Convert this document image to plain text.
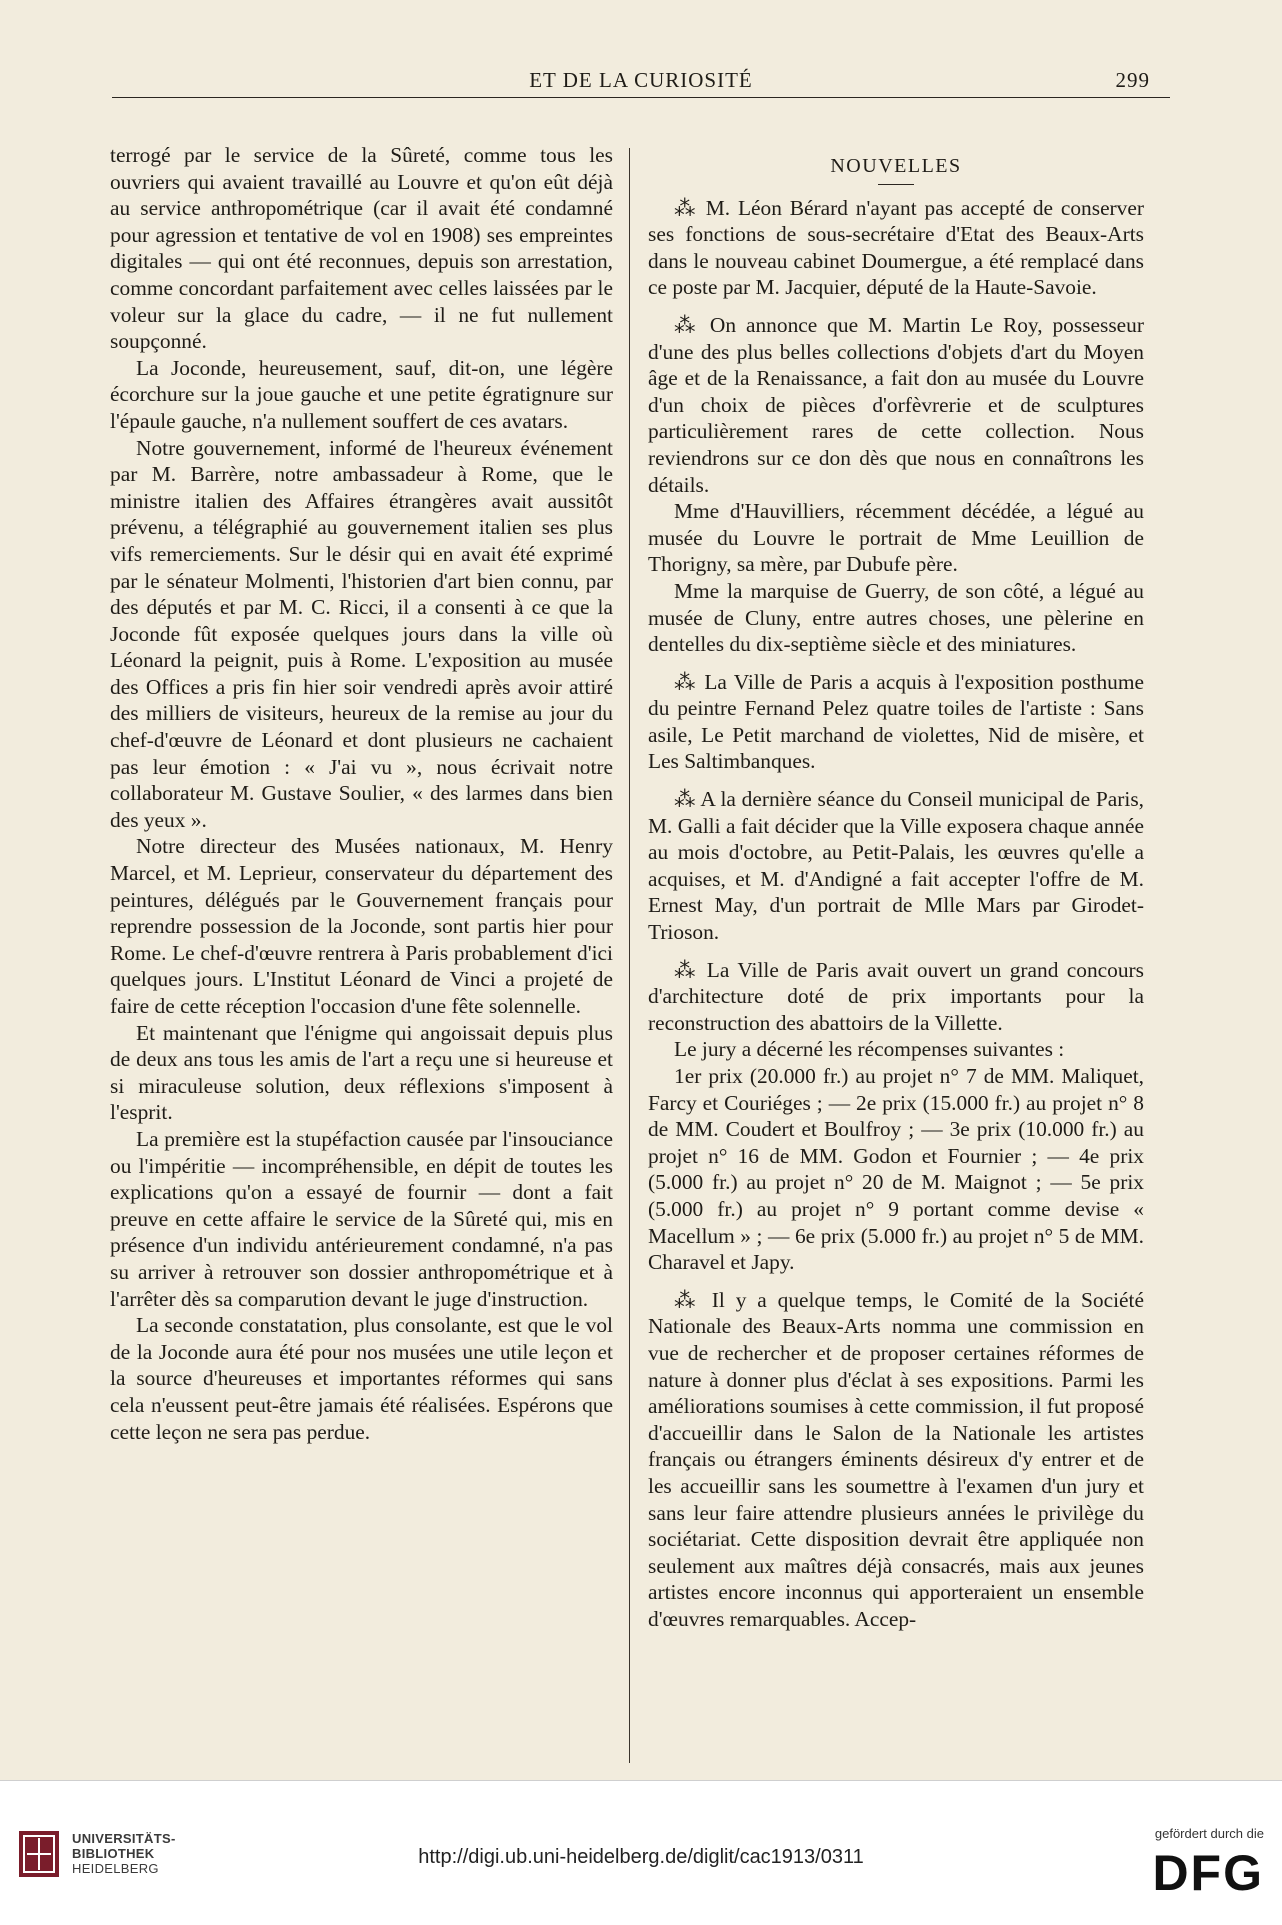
ET DE LA CURIOSITÉ	299

terrogé par le service de la Sûreté, comme tous les ouvriers qui avaient travaillé au Louvre et qu'on eût déjà au service anthropométrique (car il avait été condamné pour agression et tentative de vol en 1908) ses empreintes digitales — qui ont été reconnues, depuis son arrestation, comme concordant parfaitement avec celles laissées par le voleur sur la glace du cadre, — il ne fut nullement soupçonné.

La Joconde, heureusement, sauf, dit-on, une légère écorchure sur la joue gauche et une petite égratignure sur l'épaule gauche, n'a nullement souffert de ces avatars.

Notre gouvernement, informé de l'heureux événement par M. Barrère, notre ambassadeur à Rome, que le ministre italien des Affaires étrangères avait aussitôt prévenu, a télégraphié au gouvernement italien ses plus vifs remerciements. Sur le désir qui en avait été exprimé par le sénateur Molmenti, l'historien d'art bien connu, par des députés et par M. C. Ricci, il a consenti à ce que la Joconde fût exposée quelques jours dans la ville où Léonard la peignit, puis à Rome. L'exposition au musée des Offices a pris fin hier soir vendredi après avoir attiré des milliers de visiteurs, heureux de la remise au jour du chef-d'œuvre de Léonard et dont plusieurs ne cachaient pas leur émotion : « J'ai vu », nous écrivait notre collaborateur M. Gustave Soulier, « des larmes dans bien des yeux ».

Notre directeur des Musées nationaux, M. Henry Marcel, et M. Leprieur, conservateur du département des peintures, délégués par le Gouvernement français pour reprendre possession de la Joconde, sont partis hier pour Rome. Le chef-d'œuvre rentrera à Paris probablement d'ici quelques jours. L'Institut Léonard de Vinci a projeté de faire de cette réception l'occasion d'une fête solennelle.

Et maintenant que l'énigme qui angoissait depuis plus de deux ans tous les amis de l'art a reçu une si heureuse et si miraculeuse solution, deux réflexions s'imposent à l'esprit.

La première est la stupéfaction causée par l'insouciance ou l'impéritie — incompréhensible, en dépit de toutes les explications qu'on a essayé de fournir — dont a fait preuve en cette affaire le service de la Sûreté qui, mis en présence d'un individu antérieurement condamné, n'a pas su arriver à retrouver son dossier anthropométrique et à l'arrêter dès sa comparution devant le juge d'instruction.

La seconde constatation, plus consolante, est que le vol de la Joconde aura été pour nos musées une utile leçon et la source d'heureuses et importantes réformes qui sans cela n'eussent peut-être jamais été réalisées. Espérons que cette leçon ne sera pas perdue.

NOUVELLES

⁂ M. Léon Bérard n'ayant pas accepté de conserver ses fonctions de sous-secrétaire d'Etat des Beaux-Arts dans le nouveau cabinet Doumergue, a été remplacé dans ce poste par M. Jacquier, député de la Haute-Savoie.

⁂ On annonce que M. Martin Le Roy, possesseur d'une des plus belles collections d'objets d'art du Moyen âge et de la Renaissance, a fait don au musée du Louvre d'un choix de pièces d'orfèvrerie et de sculptures particulièrement rares de cette collection. Nous reviendrons sur ce don dès que nous en connaîtrons les détails.

Mme d'Hauvilliers, récemment décédée, a légué au musée du Louvre le portrait de Mme Leuillion de Thorigny, sa mère, par Dubufe père.

Mme la marquise de Guerry, de son côté, a légué au musée de Cluny, entre autres choses, une pèlerine en dentelles du dix-septième siècle et des miniatures.

⁂ La Ville de Paris a acquis à l'exposition posthume du peintre Fernand Pelez quatre toiles de l'artiste : Sans asile, Le Petit marchand de violettes, Nid de misère, et Les Saltimbanques.

⁂ A la dernière séance du Conseil municipal de Paris, M. Galli a fait décider que la Ville exposera chaque année au mois d'octobre, au Petit-Palais, les œuvres qu'elle a acquises, et M. d'Andigné a fait accepter l'offre de M. Ernest May, d'un portrait de Mlle Mars par Girodet-Trioson.

⁂ La Ville de Paris avait ouvert un grand concours d'architecture doté de prix importants pour la reconstruction des abattoirs de la Villette.

Le jury a décerné les récompenses suivantes :

1er prix (20.000 fr.) au projet n° 7 de MM. Maliquet, Farcy et Couriéges ; — 2e prix (15.000 fr.) au projet n° 8 de MM. Coudert et Boulfroy ; — 3e prix (10.000 fr.) au projet n° 16 de MM. Godon et Fournier ; — 4e prix (5.000 fr.) au projet n° 20 de M. Maignot ; — 5e prix (5.000 fr.) au projet n° 9 portant comme devise « Macellum » ; — 6e prix (5.000 fr.) au projet n° 5 de MM. Charavel et Japy.

⁂ Il y a quelque temps, le Comité de la Société Nationale des Beaux-Arts nomma une commission en vue de rechercher et de proposer certaines réformes de nature à donner plus d'éclat à ses expositions. Parmi les améliorations soumises à cette commission, il fut proposé d'accueillir dans le Salon de la Nationale les artistes français ou étrangers éminents désireux d'y entrer et de les accueillir sans les soumettre à l'examen d'un jury et sans leur faire attendre plusieurs années le privilège du sociétariat. Cette disposition devrait être appliquée non seulement aux maîtres déjà consacrés, mais aux jeunes artistes encore inconnus qui apporteraient un ensemble d'œuvres remarquables. Accep-

UNIVERSITÄTS-
BIBLIOTHEK
HEIDELBERG
http://digi.ub.uni-heidelberg.de/diglit/cac1913/0311
gefördert durch die
DFG
